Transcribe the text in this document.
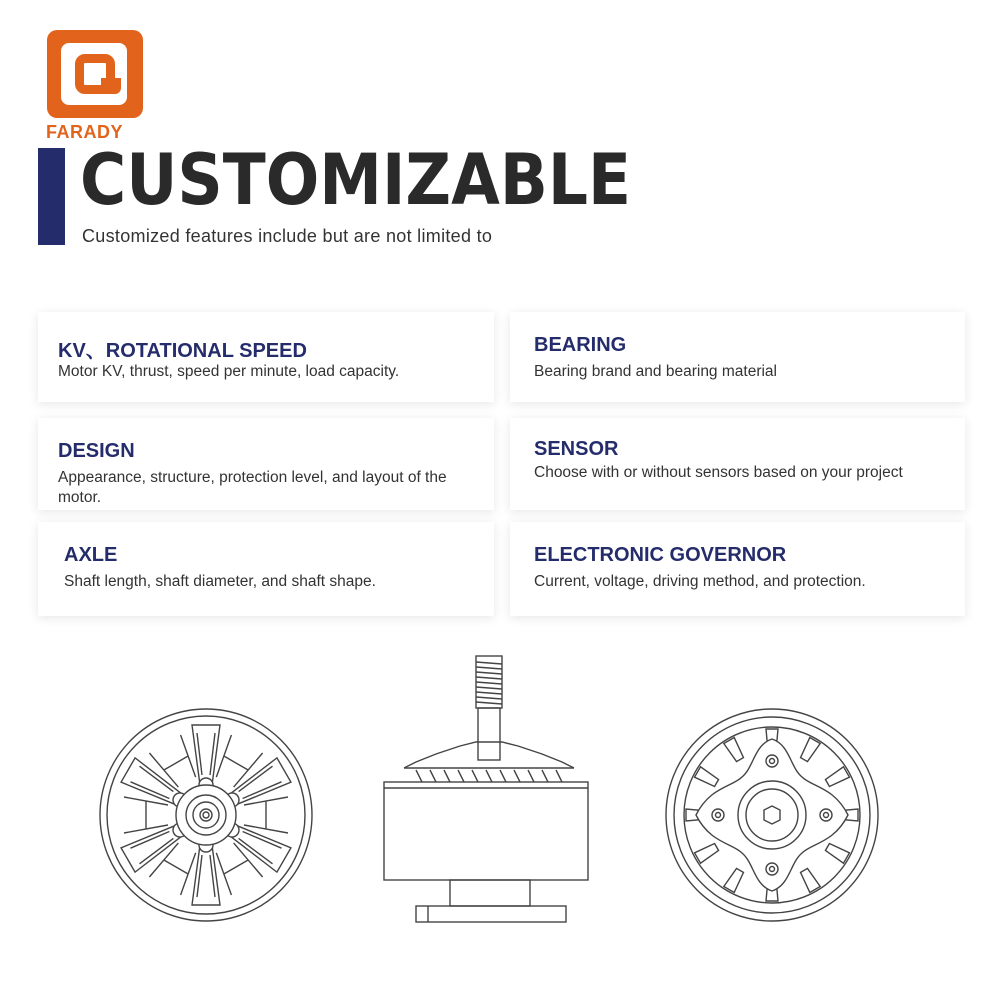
FARADY
CUSTOMIZABLE
Customized features include but are not limited to
KV、ROTATIONAL SPEED
Motor KV, thrust, speed per minute, load capacity.
BEARING
Bearing brand and bearing material
DESIGN
Appearance, structure, protection level, and layout of the motor.
SENSOR
Choose with or without sensors based on your project
AXLE
Shaft length, shaft diameter, and shaft shape.
ELECTRONIC GOVERNOR
Current, voltage, driving method, and protection.
